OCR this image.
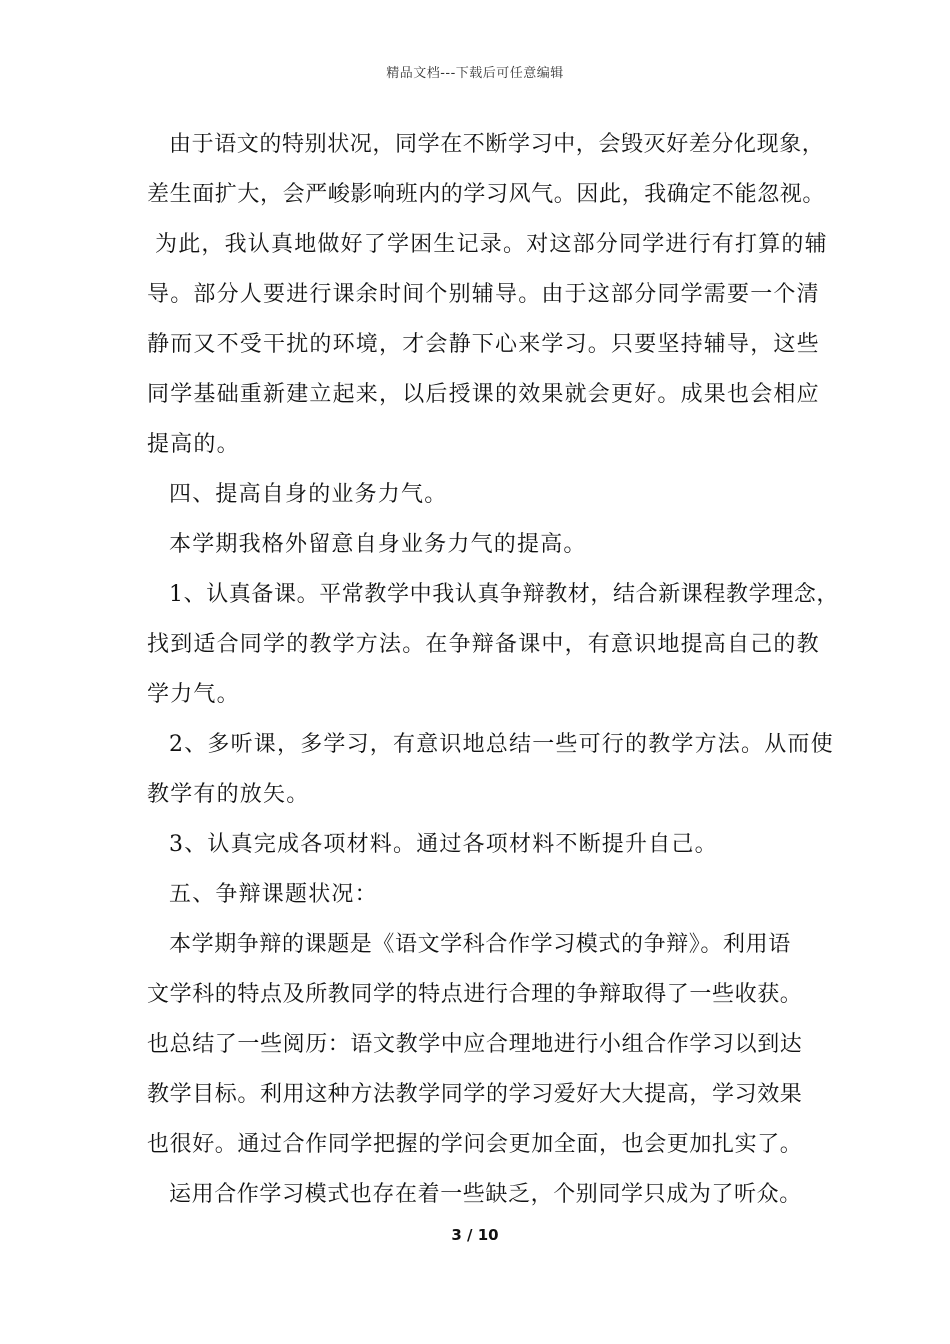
精品文档---下载后可任意编辑
由于语文的特别状况，同学在不断学习中，会毁灭好差分化现象，
差生面扩大，会严峻影响班内的学习风气。因此，我确定不能忽视。
为此，我认真地做好了学困生记录。对这部分同学进行有打算的辅
导。部分人要进行课余时间个别辅导。由于这部分同学需要一个清
静而又不受干扰的环境，才会静下心来学习。只要坚持辅导，这些
同学基础重新建立起来，以后授课的效果就会更好。成果也会相应
提高的。
四、提高自身的业务力气。
本学期我格外留意自身业务力气的提高。
1、认真备课。平常教学中我认真争辩教材，结合新课程教学理念，
找到适合同学的教学方法。在争辩备课中，有意识地提高自己的教
学力气。
2、多听课，多学习，有意识地总结一些可行的教学方法。从而使
教学有的放矢。
3、认真完成各项材料。通过各项材料不断提升自己。
五、争辩课题状况：
本学期争辩的课题是《语文学科合作学习模式的争辩》。利用语
文学科的特点及所教同学的特点进行合理的争辩取得了一些收获。
也总结了一些阅历：语文教学中应合理地进行小组合作学习以到达
教学目标。利用这种方法教学同学的学习爱好大大提高，学习效果
也很好。通过合作同学把握的学问会更加全面，也会更加扎实了。
运用合作学习模式也存在着一些缺乏，个别同学只成为了听众。
3 / 10
